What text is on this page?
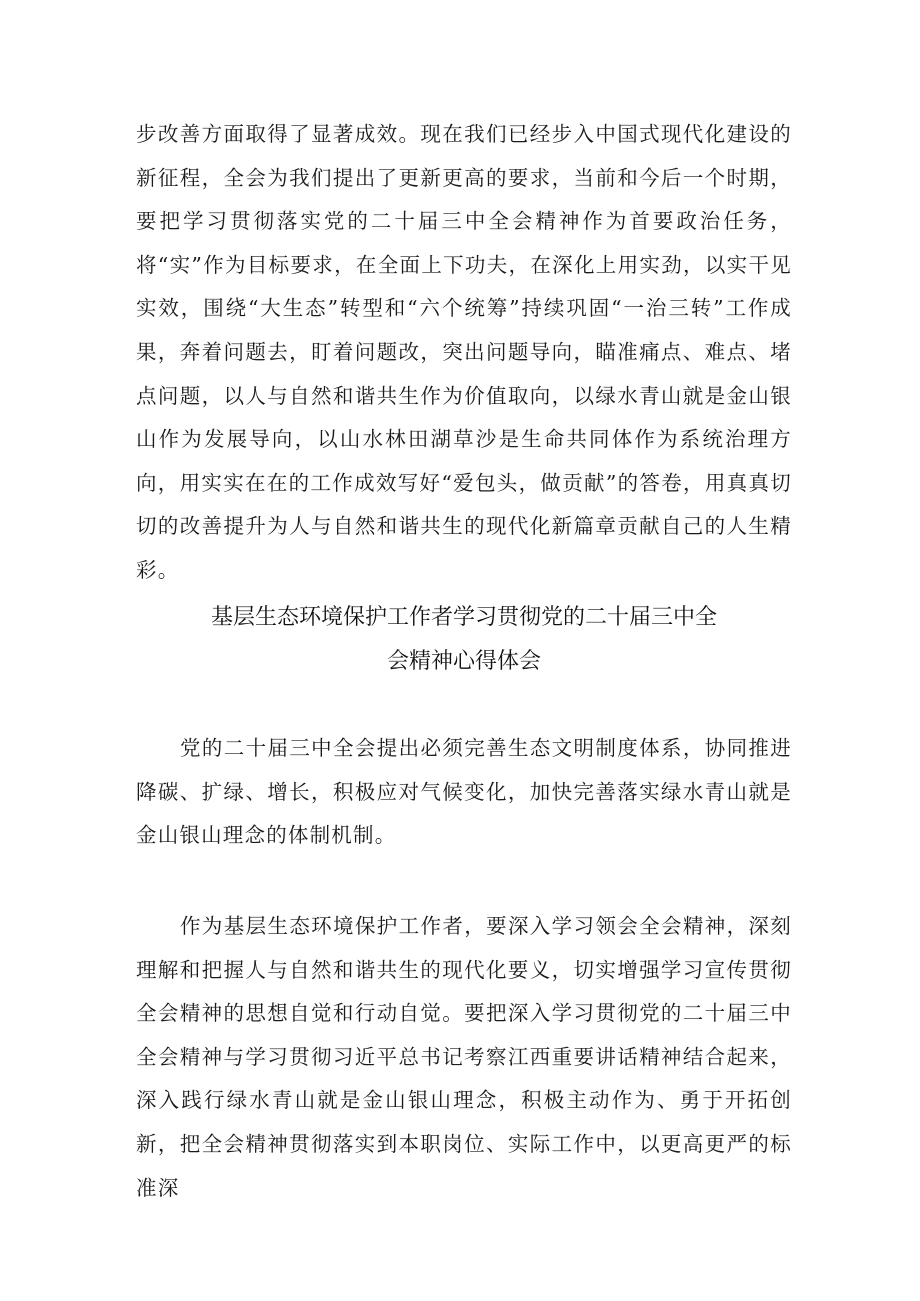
步改善方面取得了显著成效。现在我们已经步入中国式现代化建设的新征程，全会为我们提出了更新更高的要求，当前和今后一个时期，要把学习贯彻落实党的二十届三中全会精神作为首要政治任务，将“实”作为目标要求，在全面上下功夫，在深化上用实劲，以实干见实效，围绕“大生态”转型和“六个统筹”持续巩固“一治三转”工作成果，奔着问题去，盯着问题改，突出问题导向，瞄准痛点、难点、堵点问题，以人与自然和谐共生作为价值取向，以绿水青山就是金山银山作为发展导向，以山水林田湖草沙是生命共同体作为系统治理方向，用实实在在的工作成效写好“爱包头，做贡献”的答卷，用真真切切的改善提升为人与自然和谐共生的现代化新篇章贡献自己的人生精彩。

基层生态环境保护工作者学习贯彻党的二十届三中全
会精神心得体会

党的二十届三中全会提出必须完善生态文明制度体系，协同推进降碳、扩绿、增长，积极应对气候变化，加快完善落实绿水青山就是金山银山理念的体制机制。

作为基层生态环境保护工作者，要深入学习领会全会精神，深刻理解和把握人与自然和谐共生的现代化要义，切实增强学习宣传贯彻全会精神的思想自觉和行动自觉。要把深入学习贯彻党的二十届三中全会精神与学习贯彻习近平总书记考察江西重要讲话精神结合起来，深入践行绿水青山就是金山银山理念，积极主动作为、勇于开拓创新，把全会精神贯彻落实到本职岗位、实际工作中，以更高更严的标准深
